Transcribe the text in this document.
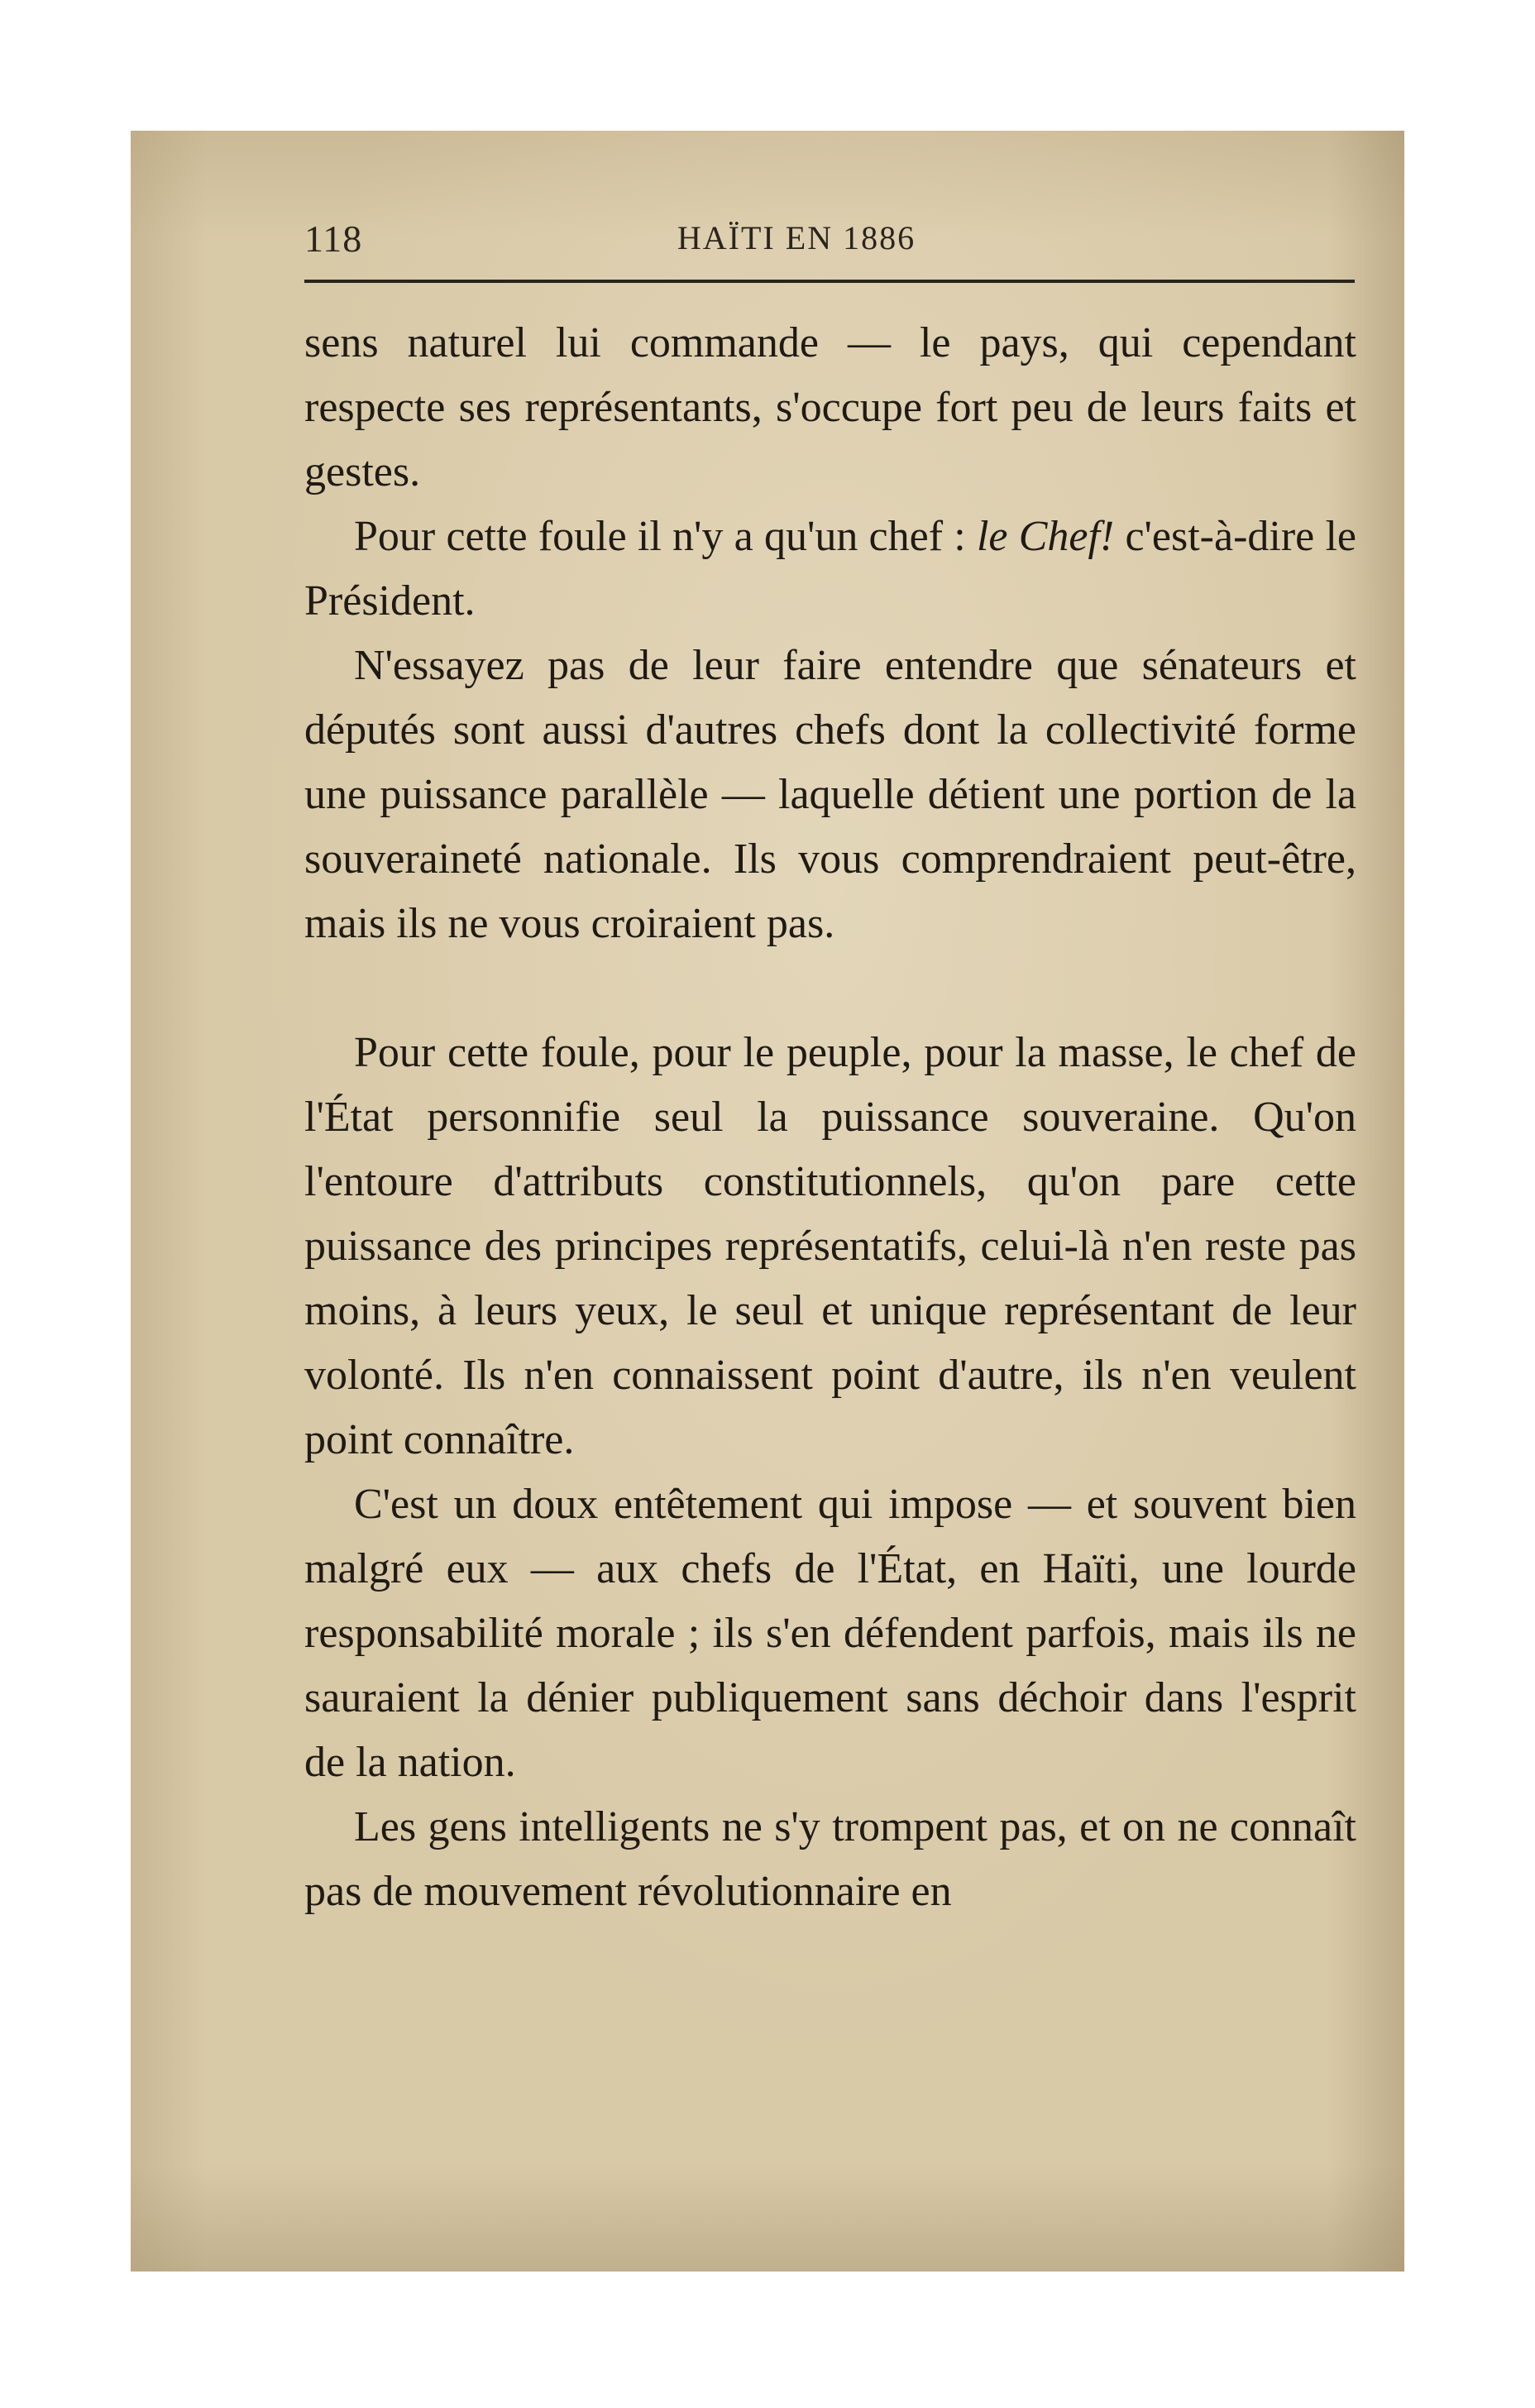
118	HAÏTI EN 1886

sens naturel lui commande — le pays, qui cependant respecte ses représentants, s'occupe fort peu de leurs faits et gestes.

Pour cette foule il n'y a qu'un chef : le Chef! c'est-à-dire le Président.

N'essayez pas de leur faire entendre que sénateurs et députés sont aussi d'autres chefs dont la collectivité forme une puissance parallèle — laquelle détient une portion de la souveraineté nationale. Ils vous comprendraient peut-être, mais ils ne vous croiraient pas.

Pour cette foule, pour le peuple, pour la masse, le chef de l'État personnifie seul la puissance souveraine. Qu'on l'entoure d'attributs constitutionnels, qu'on pare cette puissance des principes représentatifs, celui-là n'en reste pas moins, à leurs yeux, le seul et unique représentant de leur volonté. Ils n'en connaissent point d'autre, ils n'en veulent point connaître.

C'est un doux entêtement qui impose — et souvent bien malgré eux — aux chefs de l'État, en Haïti, une lourde responsabilité morale ; ils s'en défendent parfois, mais ils ne sauraient la dénier publiquement sans déchoir dans l'esprit de la nation.

Les gens intelligents ne s'y trompent pas, et on ne connaît pas de mouvement révolutionnaire en
